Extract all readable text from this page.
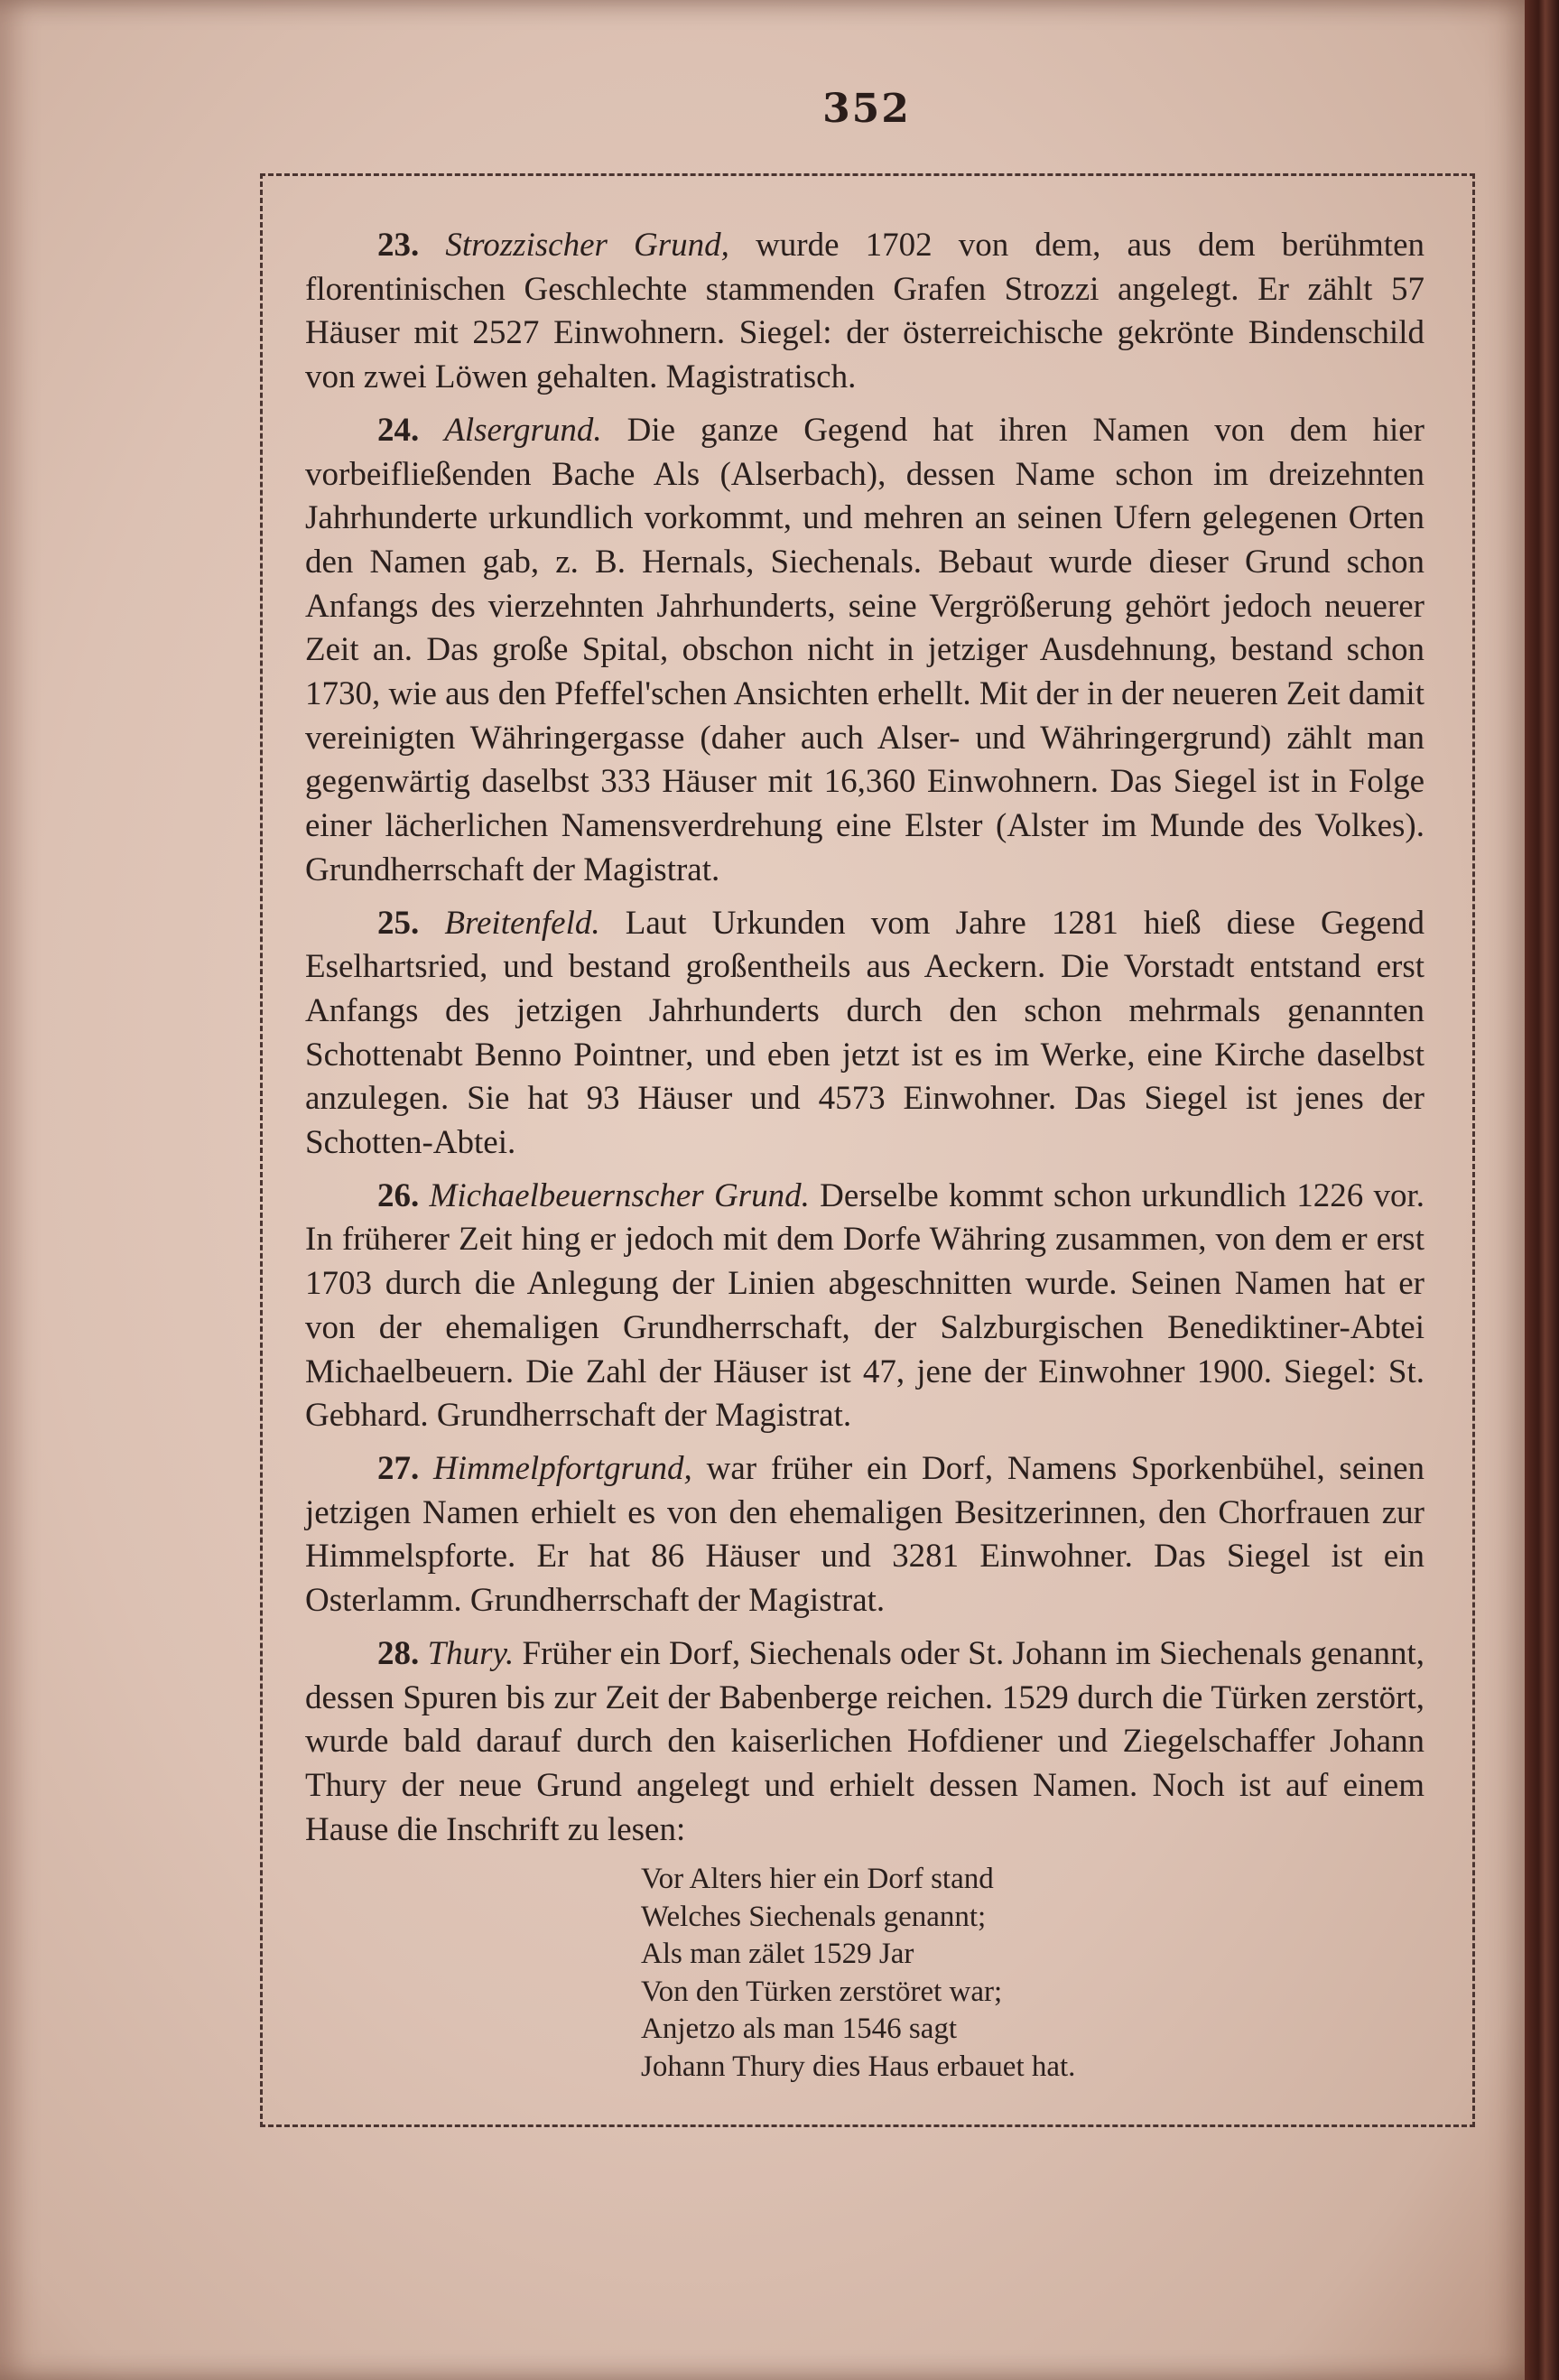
352

23. Strozzischer Grund, wurde 1702 von dem, aus dem berühmten florentinischen Geschlechte stammenden Grafen Strozzi angelegt. Er zählt 57 Häuser mit 2527 Einwohnern. Siegel: der österreichische gekrönte Bindenschild von zwei Löwen gehalten. Magistratisch.

24. Alsergrund. Die ganze Gegend hat ihren Namen von dem hier vorbeifließenden Bache Als (Alserbach), dessen Name schon im dreizehnten Jahrhunderte urkundlich vorkommt, und mehren an seinen Ufern gelegenen Orten den Namen gab, z. B. Hernals, Siechenals. Bebaut wurde dieser Grund schon Anfangs des vierzehnten Jahrhunderts, seine Vergrößerung gehört jedoch neuerer Zeit an. Das große Spital, obschon nicht in jetziger Ausdehnung, bestand schon 1730, wie aus den Pfeffel'schen Ansichten erhellt. Mit der in der neueren Zeit damit vereinigten Währingergasse (daher auch Alser- und Währingergrund) zählt man gegenwärtig daselbst 333 Häuser mit 16,360 Einwohnern. Das Siegel ist in Folge einer lächerlichen Namensverdrehung eine Elster (Alster im Munde des Volkes). Grundherrschaft der Magistrat.

25. Breitenfeld. Laut Urkunden vom Jahre 1281 hieß diese Gegend Eselhartsried, und bestand großentheils aus Aeckern. Die Vorstadt entstand erst Anfangs des jetzigen Jahrhunderts durch den schon mehrmals genannten Schottenabt Benno Pointner, und eben jetzt ist es im Werke, eine Kirche daselbst anzulegen. Sie hat 93 Häuser und 4573 Einwohner. Das Siegel ist jenes der Schotten-Abtei.

26. Michaelbeuernscher Grund. Derselbe kommt schon urkundlich 1226 vor. In früherer Zeit hing er jedoch mit dem Dorfe Währing zusammen, von dem er erst 1703 durch die Anlegung der Linien abgeschnitten wurde. Seinen Namen hat er von der ehemaligen Grundherrschaft, der Salzburgischen Benediktiner-Abtei Michaelbeuern. Die Zahl der Häuser ist 47, jene der Einwohner 1900. Siegel: St. Gebhard. Grundherrschaft der Magistrat.

27. Himmelpfortgrund, war früher ein Dorf, Namens Sporkenbühel, seinen jetzigen Namen erhielt es von den ehemaligen Besitzerinnen, den Chorfrauen zur Himmelspforte. Er hat 86 Häuser und 3281 Einwohner. Das Siegel ist ein Osterlamm. Grundherrschaft der Magistrat.

28. Thury. Früher ein Dorf, Siechenals oder St. Johann im Siechenals genannt, dessen Spuren bis zur Zeit der Babenberge reichen. 1529 durch die Türken zerstört, wurde bald darauf durch den kaiserlichen Hofdiener und Ziegelschaffer Johann Thury der neue Grund angelegt und erhielt dessen Namen. Noch ist auf einem Hause die Inschrift zu lesen:

Vor Alters hier ein Dorf stand
Welches Siechenals genannt;
Als man zälet 1529 Jar
Von den Türken zerstöret war;
Anjetzo als man 1546 sagt
Johann Thury dies Haus erbauet hat.
